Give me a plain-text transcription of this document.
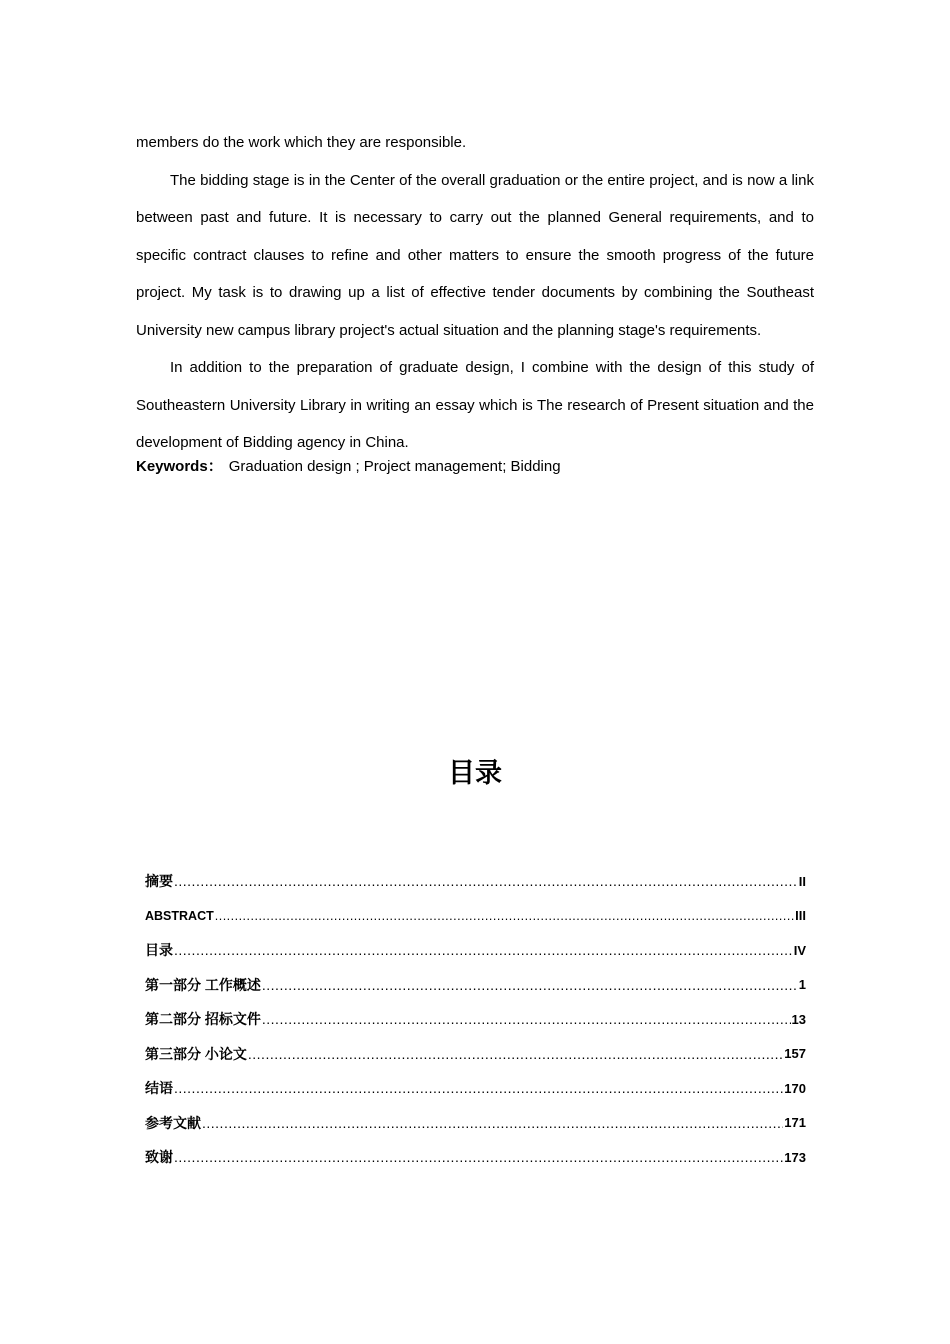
members do the work which they are responsible.

The bidding stage is in the Center of the overall graduation or the entire project, and is now a link between past and future. It is necessary to carry out the planned General requirements, and to specific contract clauses to refine and other matters to ensure the smooth progress of the future project. My task is to drawing up a list of effective tender documents by combining the Southeast University new campus library project's actual situation and the planning stage's requirements.

In addition to the preparation of graduate design, I combine with the design of this study of Southeastern University Library in writing an essay which is The research of Present situation and the development of Bidding agency in China.

Keywords： Graduation design ; Project management; Bidding
目录
摘要 .....	II
ABSTRACT .....	III
目录 .....	IV
第一部分 工作概述 .....	1
第二部分 招标文件 .....	13
第三部分 小论文 .....	157
结语 .....	170
参考文献 .....	171
致谢 .....	173
